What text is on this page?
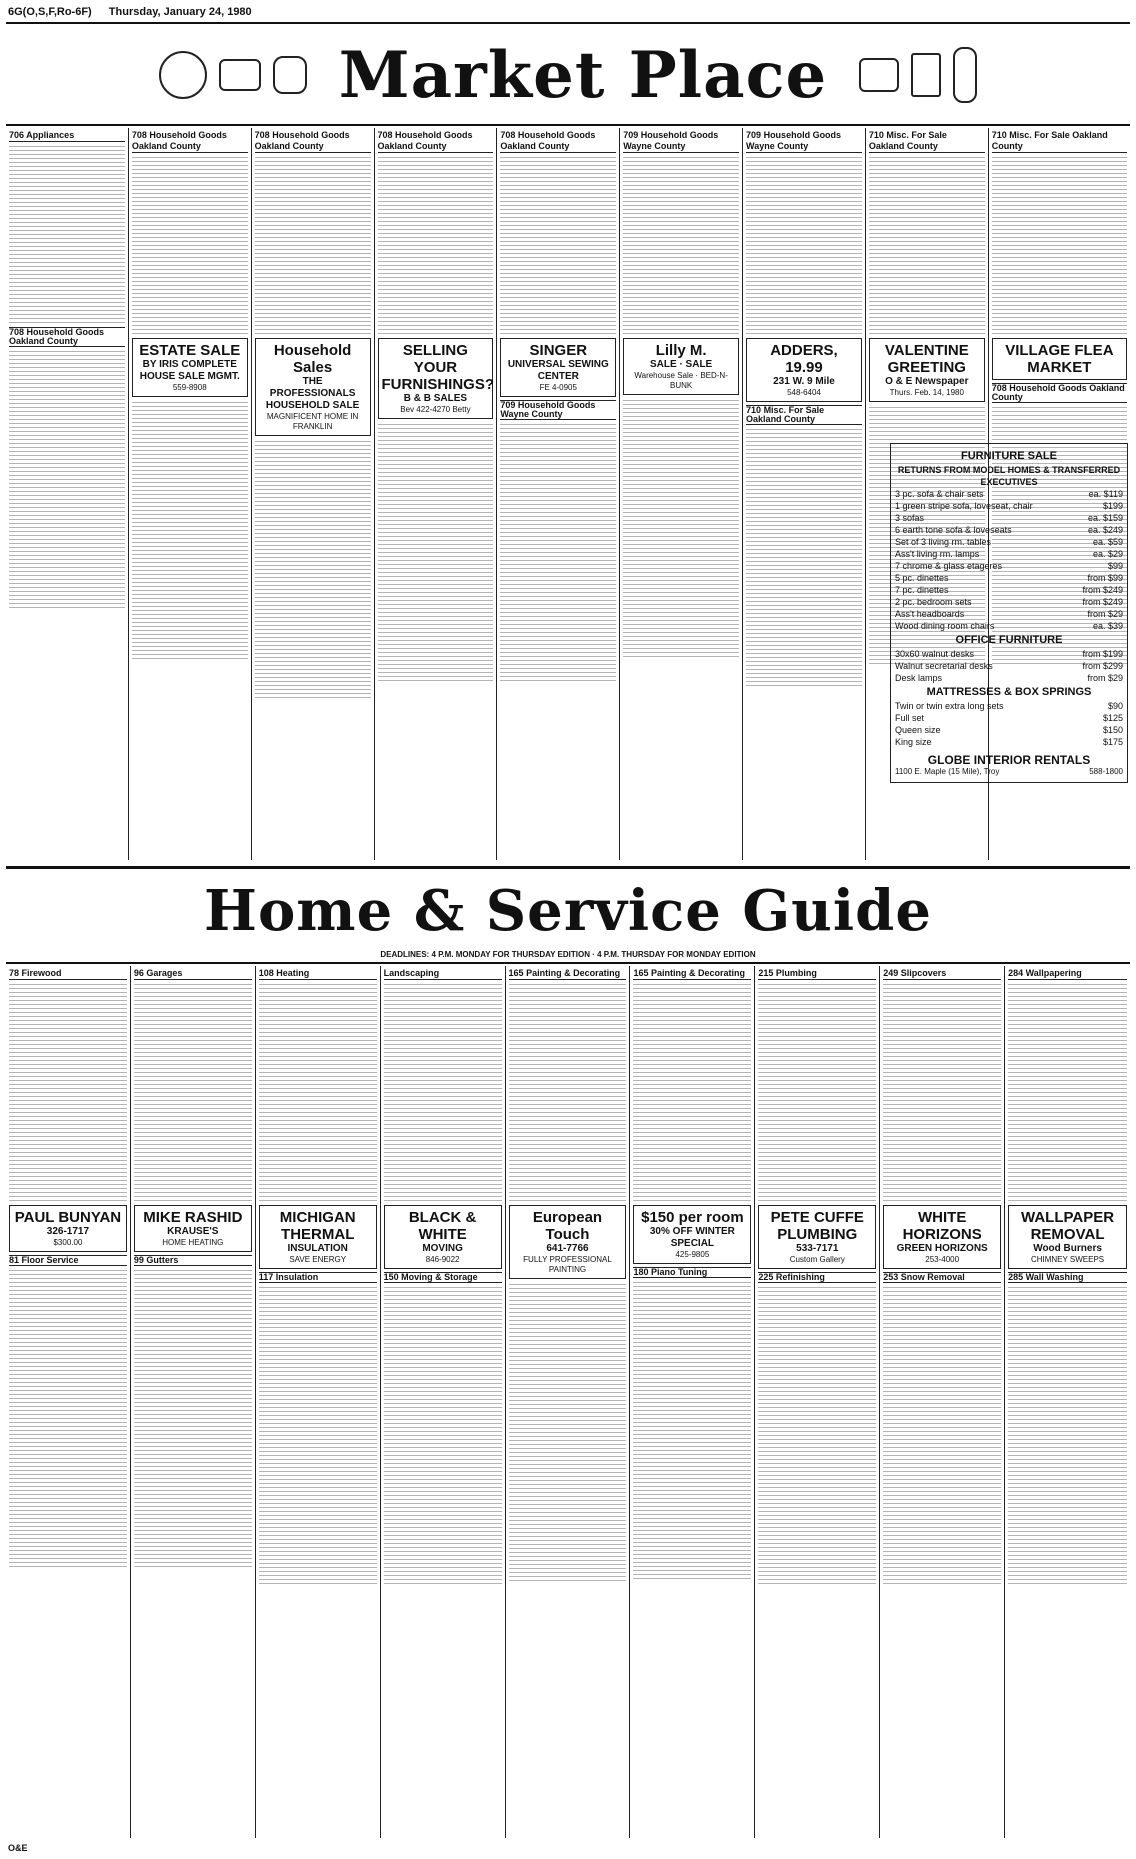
6G(O,S,F,Ro-6F) Thursday, January 24, 1980
Market Place
706 Appliances
708 Household Goods Oakland County
708 Household Goods Oakland County
ESTATE SALE
BY IRIS COMPLETE HOUSE SALE MGMT.
559-8908
708 Household Goods Oakland County
Household Sales
THE PROFESSIONALS HOUSEHOLD SALE
MAGNIFICENT HOME IN FRANKLIN
708 Household Goods Oakland County
SELLING YOUR FURNISHINGS?
B & B SALES
Bev 422-4270 Betty
708 Household Goods Oakland County
SINGER
UNIVERSAL SEWING CENTER
FE 4-0905
709 Household Goods Wayne County
709 Household Goods Wayne County
Lilly M.
SALE · SALE
Warehouse Sale · BED-N-BUNK
709 Household Goods Wayne County
ADDERS, 19.99
231 W. 9 Mile
548-6404
710 Misc. For Sale Oakland County
710 Misc. For Sale Oakland County
VALENTINE GREETING
O & E Newspaper
Thurs. Feb. 14, 1980
710 Misc. For Sale Oakland County
VILLAGE FLEA MARKET
708 Household Goods Oakland County
FURNITURE SALE
RETURNS FROM MODEL HOMES & TRANSFERRED EXECUTIVES
3 pc. sofa & chair sets	ea. $119
1 green stripe sofa, loveseat, chair	$199
3 sofas	ea. $159
6 earth tone sofa & loveseats	ea. $249
Set of 3 living rm. tables	ea. $59
Ass't living rm. lamps	ea. $29
7 chrome & glass etageres	$99
5 pc. dinettes	from $99
7 pc. dinettes	from $249
2 pc. bedroom sets	from $249
Ass't headboards	from $29
Wood dining room chairs	ea. $39
OFFICE FURNITURE
30x60 walnut desks	from $199
Walnut secretarial desks	from $299
Desk lamps	from $29
MATTRESSES & BOX SPRINGS
Twin or twin extra long sets	$90
Full set	$125
Queen size	$150
King size	$175
GLOBE INTERIOR RENTALS
1100 E. Maple (15 Mile), Troy	588-1800
Home & Service Guide
DEADLINES: 4 P.M. MONDAY FOR THURSDAY EDITION · 4 P.M. THURSDAY FOR MONDAY EDITION
78 Firewood
PAUL BUNYAN
326-1717
$300.00
81 Floor Service
96 Garages
MIKE RASHID
KRAUSE'S
HOME HEATING
99 Gutters
108 Heating
MICHIGAN THERMAL
INSULATION
SAVE ENERGY
117 Insulation
Landscaping
BLACK & WHITE
MOVING
846-9022
150 Moving & Storage
165 Painting & Decorating
European Touch
641-7766
FULLY PROFESSIONAL PAINTING
165 Painting & Decorating
$150 per room
30% OFF WINTER SPECIAL
425-9805
180 Piano Tuning
215 Plumbing
PETE CUFFE PLUMBING
533-7171
Custom Gallery
225 Refinishing
249 Slipcovers
WHITE HORIZONS
GREEN HORIZONS
253-4000
253 Snow Removal
284 Wallpapering
WALLPAPER REMOVAL
Wood Burners
CHIMNEY SWEEPS
285 Wall Washing
O&E
